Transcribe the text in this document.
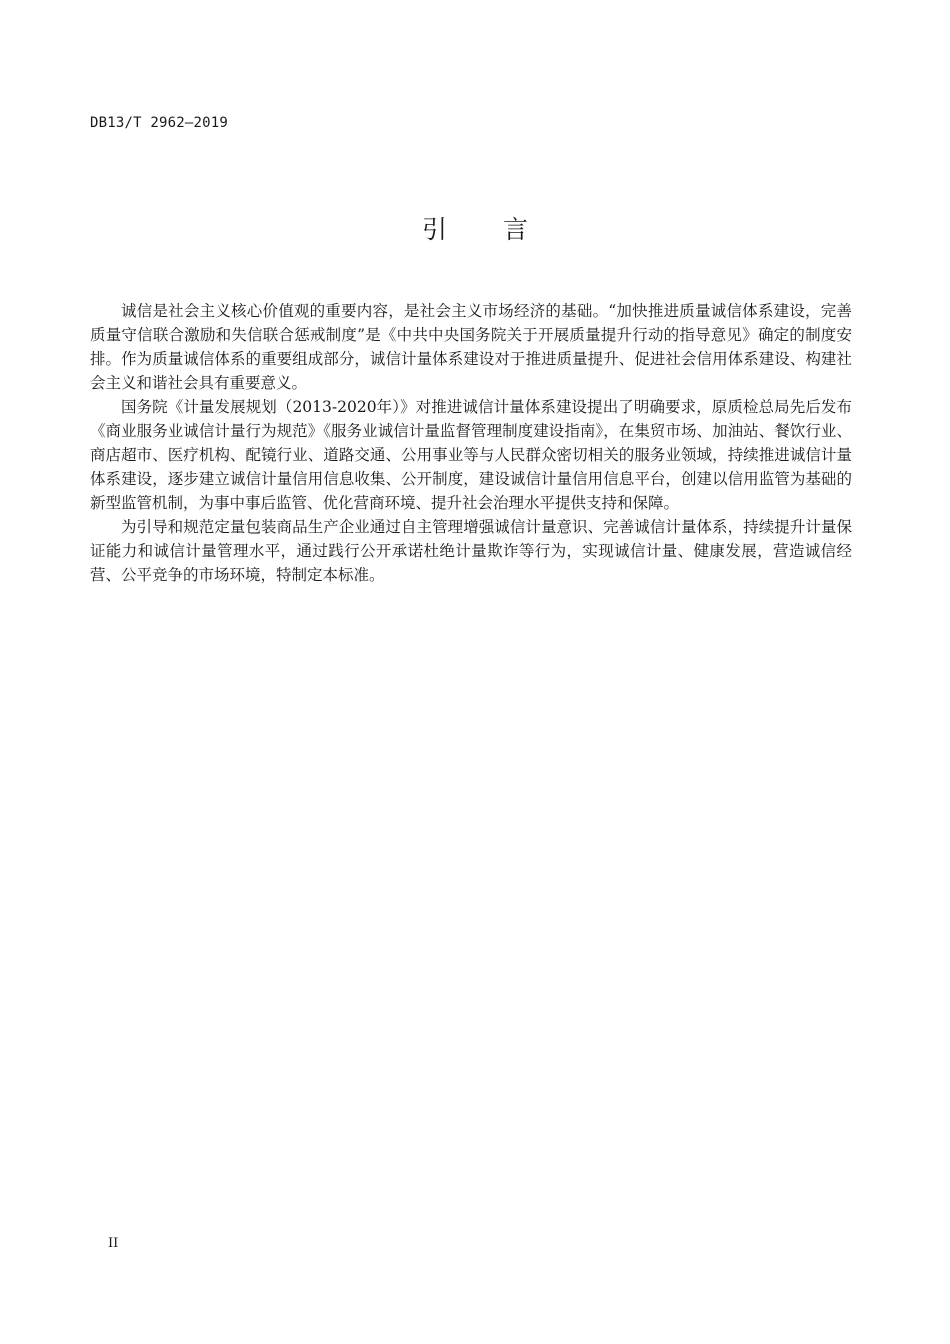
DB13/T 2962—2019
引 言

诚信是社会主义核心价值观的重要内容，是社会主义市场经济的基础。“加快推进质量诚信体系建设，完善质量守信联合激励和失信联合惩戒制度”是《中共中央国务院关于开展质量提升行动的指导意见》确定的制度安排。作为质量诚信体系的重要组成部分，诚信计量体系建设对于推进质量提升、促进社会信用体系建设、构建社会主义和谐社会具有重要意义。

国务院《计量发展规划（2013-2020年）》对推进诚信计量体系建设提出了明确要求，原质检总局先后发布《商业服务业诚信计量行为规范》《服务业诚信计量监督管理制度建设指南》，在集贸市场、加油站、餐饮行业、商店超市、医疗机构、配镜行业、道路交通、公用事业等与人民群众密切相关的服务业领域，持续推进诚信计量体系建设，逐步建立诚信计量信用信息收集、公开制度，建设诚信计量信用信息平台，创建以信用监管为基础的新型监管机制，为事中事后监管、优化营商环境、提升社会治理水平提供支持和保障。

为引导和规范定量包装商品生产企业通过自主管理增强诚信计量意识、完善诚信计量体系，持续提升计量保证能力和诚信计量管理水平，通过践行公开承诺杜绝计量欺诈等行为，实现诚信计量、健康发展，营造诚信经营、公平竞争的市场环境，特制定本标准。

II
